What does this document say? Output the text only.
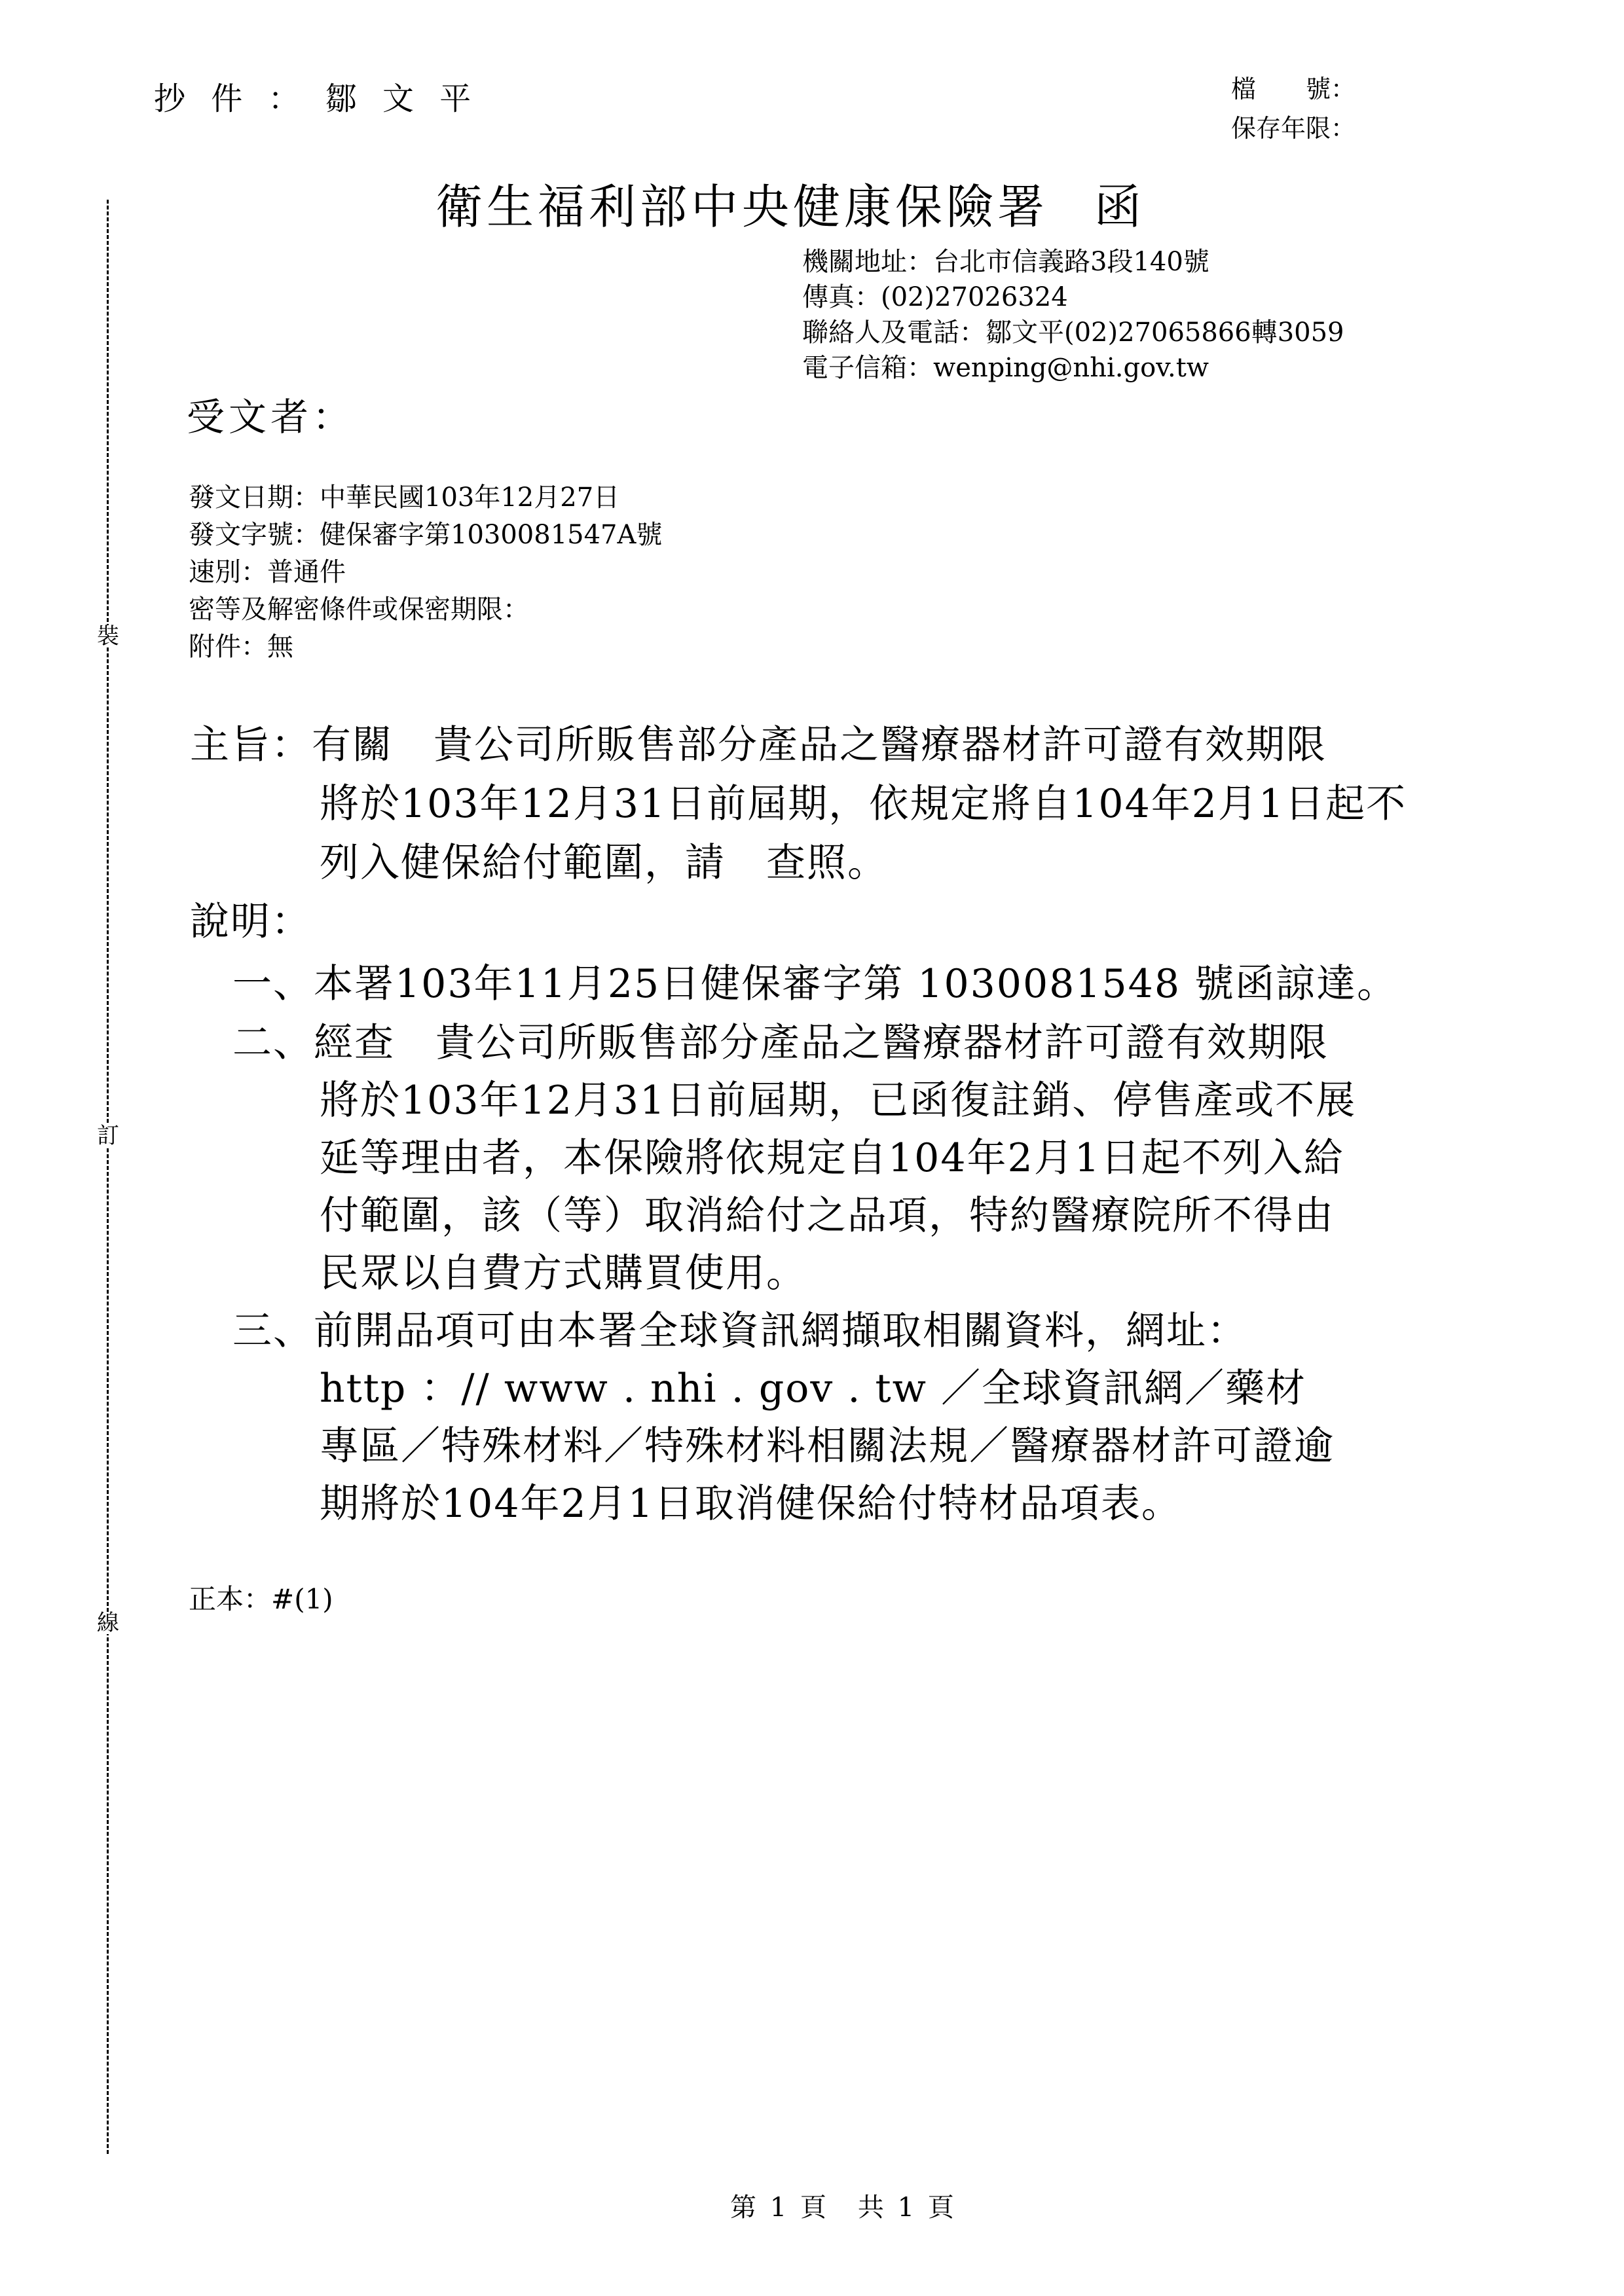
抄 件 ： 鄒 文 平	檔　　號：
保存年限：
裝
訂
線
衛生福利部中央健康保險署 函
機關地址：台北市信義路3段140號
傳真：(02)27026324
聯絡人及電話：鄒文平(02)27065866轉3059
電子信箱：wenping@nhi.gov.tw
受文者：
發文日期：中華民國103年12月27日
發文字號：健保審字第1030081547A號
速別：普通件
密等及解密條件或保密期限：
附件：無
主旨：有關　貴公司所販售部分產品之醫療器材許可證有效期限
將於103年12月31日前屆期，依規定將自104年2月1日起不
列入健保給付範圍，請　查照。
說明：
一、本署103年11月25日健保審字第 1030081548 號函諒達。
二、經查　貴公司所販售部分產品之醫療器材許可證有效期限
將於103年12月31日前屆期，已函復註銷、停售產或不展
延等理由者，本保險將依規定自104年2月1日起不列入給
付範圍，該（等）取消給付之品項，特約醫療院所不得由
民眾以自費方式購買使用。
三、前開品項可由本署全球資訊網擷取相關資料，網址：
http ：// www . nhi . gov . tw ／全球資訊網／藥材
專區／特殊材料／特殊材料相關法規／醫療器材許可證逾
期將於104年2月1日取消健保給付特材品項表。
正本：#(1)
第 1 頁　共 1 頁
